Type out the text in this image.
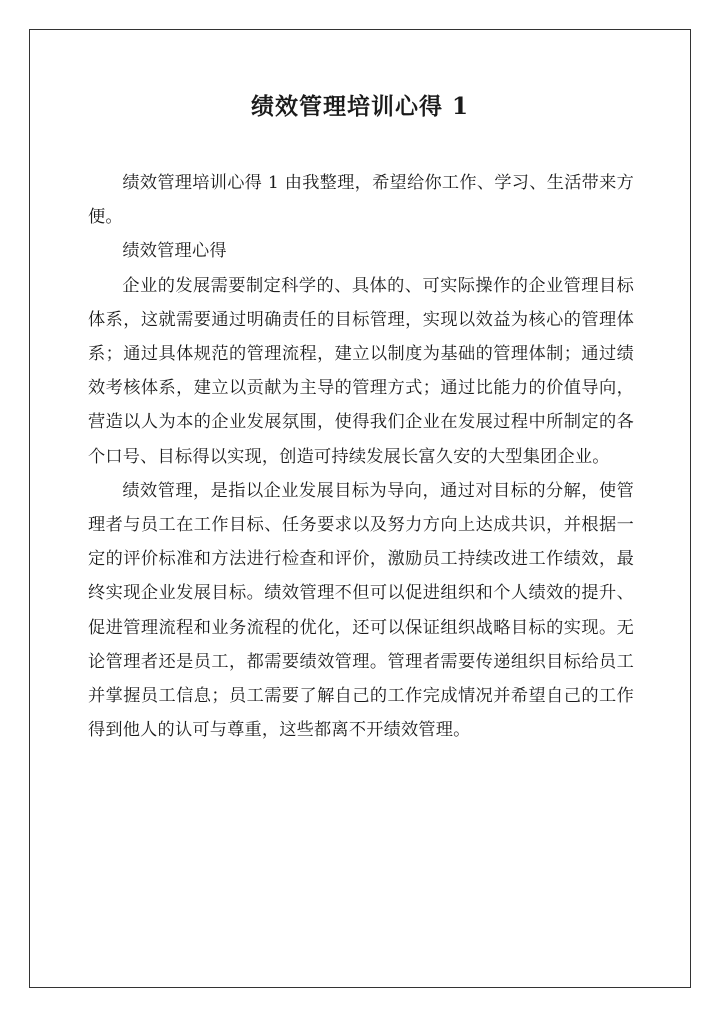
绩效管理培训心得 1

绩效管理培训心得 1 由我整理，希望给你工作、学习、生活带来方便。

绩效管理心得

企业的发展需要制定科学的、具体的、可实际操作的企业管理目标体系，这就需要通过明确责任的目标管理，实现以效益为核心的管理体系；通过具体规范的管理流程，建立以制度为基础的管理体制；通过绩效考核体系，建立以贡献为主导的管理方式；通过比能力的价值导向，营造以人为本的企业发展氛围，使得我们企业在发展过程中所制定的各个口号、目标得以实现，创造可持续发展长富久安的大型集团企业。

绩效管理，是指以企业发展目标为导向，通过对目标的分解，使管理者与员工在工作目标、任务要求以及努力方向上达成共识，并根据一定的评价标准和方法进行检查和评价，激励员工持续改进工作绩效，最终实现企业发展目标。绩效管理不但可以促进组织和个人绩效的提升、促进管理流程和业务流程的优化，还可以保证组织战略目标的实现。无论管理者还是员工，都需要绩效管理。管理者需要传递组织目标给员工并掌握员工信息；员工需要了解自己的工作完成情况并希望自己的工作得到他人的认可与尊重，这些都离不开绩效管理。
